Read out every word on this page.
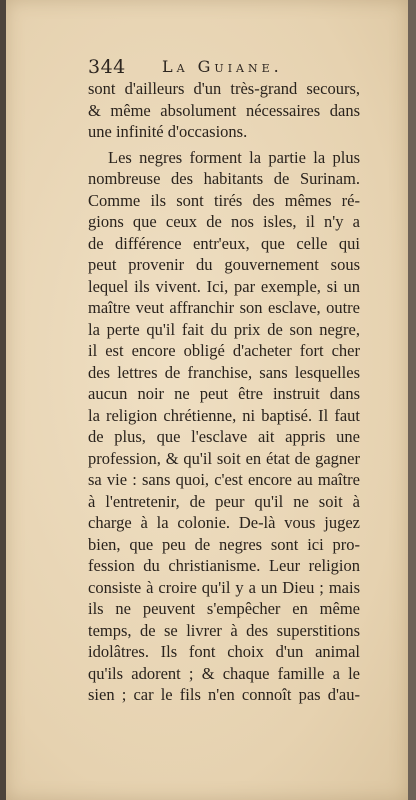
344 La Guiane.
sont d'ailleurs d'un très-grand secours,
& même absolument nécessaires dans
une infinité d'occasions.
Les negres forment la partie la plus
nombreuse des habitants de Surinam.
Comme ils sont tirés des mêmes ré-
gions que ceux de nos isles, il n'y a
de différence entr'eux, que celle qui
peut provenir du gouvernement sous
lequel ils vivent. Ici, par exemple, si un
maître veut affranchir son esclave, outre
la perte qu'il fait du prix de son negre,
il est encore obligé d'acheter fort cher
des lettres de franchise, sans lesquelles
aucun noir ne peut être instruit dans
la religion chrétienne, ni baptisé. Il faut
de plus, que l'esclave ait appris une
profession, & qu'il soit en état de gagner
sa vie : sans quoi, c'est encore au maître
à l'entretenir, de peur qu'il ne soit à
charge à la colonie. De-là vous jugez
bien, que peu de negres sont ici pro-
fession du christianisme. Leur religion
consiste à croire qu'il y a un Dieu ; mais
ils ne peuvent s'empêcher en même
temps, de se livrer à des superstitions
idolâtres. Ils font choix d'un animal
qu'ils adorent ; & chaque famille a le
sien ; car le fils n'en connoît pas d'au-
